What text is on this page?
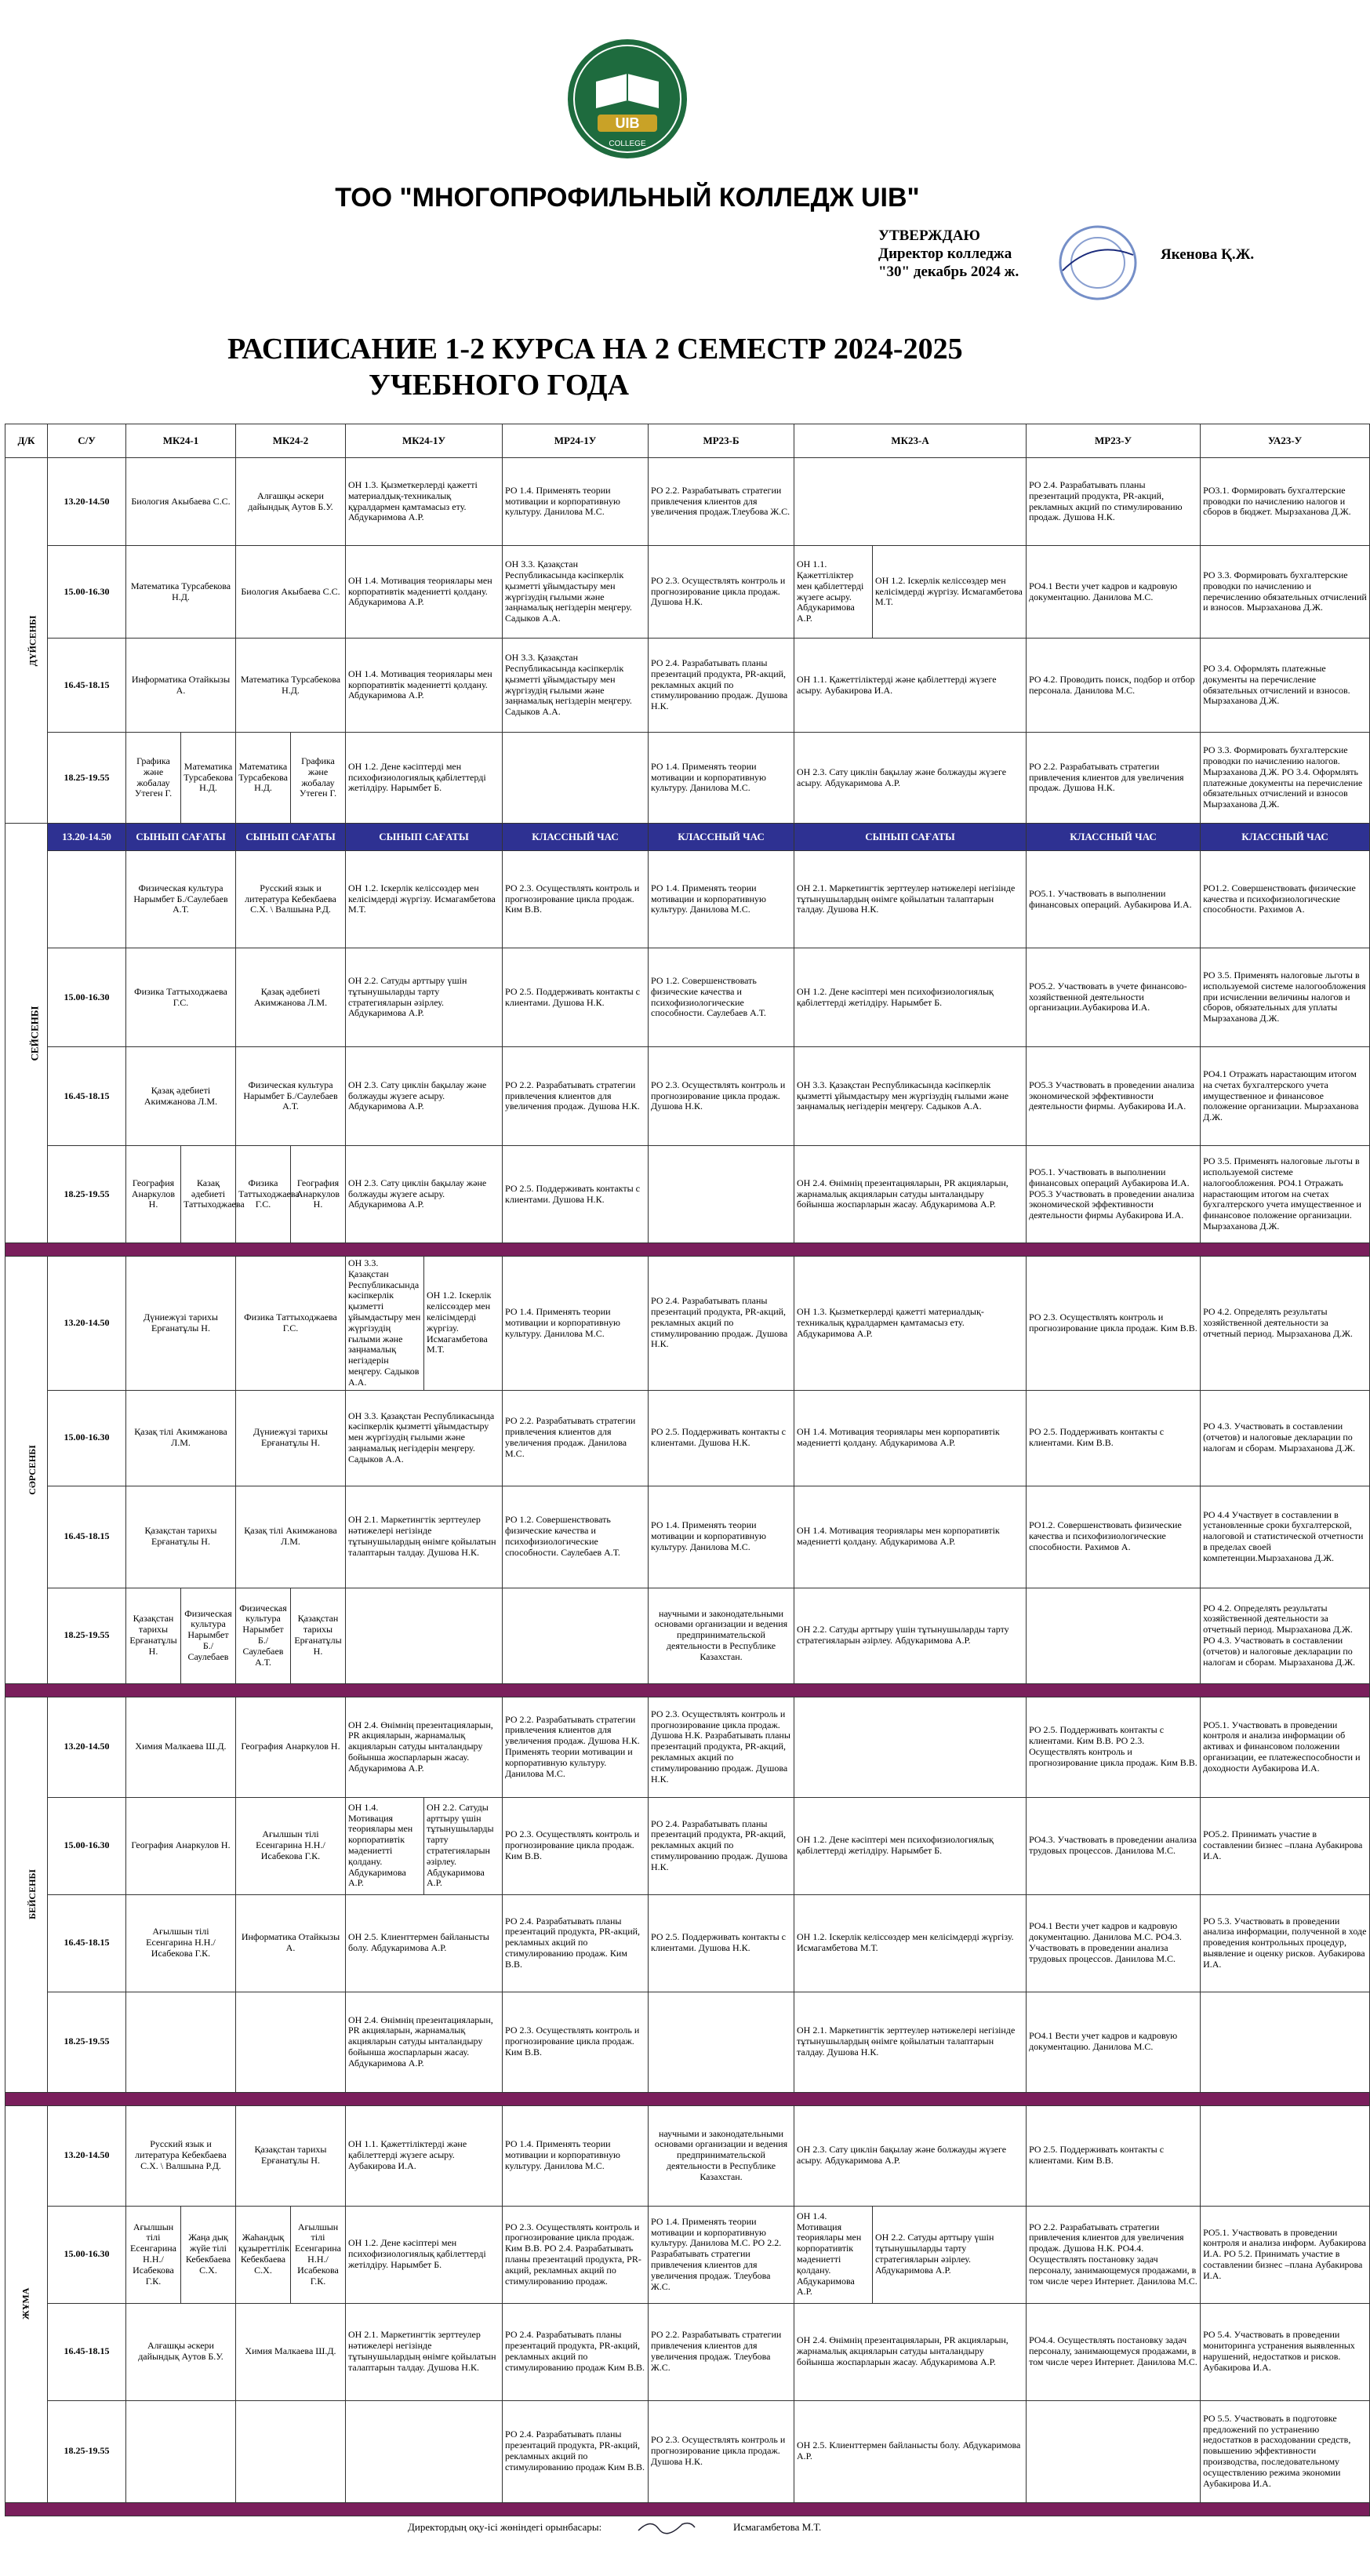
UIB
COLLEGE
ТОО "МНОГОПРОФИЛЬНЫЙ КОЛЛЕДЖ UIB"
УТВЕРЖДАЮ
Директор колледжа
"30" декабрь 2024 ж.
Якенова Қ.Ж.
РАСПИСАНИЕ 1-2 КУРСА НА 2 СЕМЕСТР 2024-2025
УЧЕБНОГО ГОДА
Д/К	С/У	МК24-1		МК24-2		МК24-1У		МР24-1У	МР23-Б	МК23-А		МР23-У	УА23-У
ДҮЙСЕНБІ	13.20-14.50	Биология Акыбаева С.С.		Алғашқы әскери дайындық Аутов Б.У.		ОН 1.3. Қызметкерлерді қажетті материалдық-техникалық құралдармен қамтамасыз ету. Абдукаримова А.Р.		РО 1.4. Применять теории мотивации и корпоративную культуру. Данилова М.С.	РО 2.2. Разрабатывать стратегии привлечения клиентов для увеличения продаж.Тлеубова Ж.С.			РО 2.4. Разрабатывать планы презентаций продукта, PR-акций, рекламных акций по стимулированию продаж. Душова Н.К.	РО3.1. Формировать бухгалтерские проводки по начислению налогов и сборов в бюджет. Мырзаханова Д.Ж.
	15.00-16.30	Математика Турсабекова Н.Д.		Биология Акыбаева С.С.		ОН 1.4. Мотивация теориялары мен корпоративтік мәдениетті қолдану. Абдукаримова А.Р.		ОН 3.3. Қазақстан Республикасында кәсіпкерлік қызметті ұйымдастыру мен жүргізудің ғылыми және заңнамалық негіздерін меңгеру. Садыков А.А.	РО 2.3. Осуществлять контроль и прогнозирование цикла продаж. Душова Н.К.	ОН 1.1. Қажеттіліктер мен қабілеттерді жүзеге асыру. Абдукаримова А.Р.	ОН 1.2. Іскерлік келіссөздер мен келісімдерді жүргізу. Исмагамбетова М.Т.	РО4.1 Вести учет кадров и кадровую документацию. Данилова М.С.	РО 3.3. Формировать бухгалтерские проводки по начислению и перечислению обязательных отчислений и взносов. Мырзаханова Д.Ж.
	16.45-18.15	Информатика Отайкызы А.		Математика Турсабекова Н.Д.		ОН 1.4. Мотивация теориялары мен корпоративтік мәдениетті қолдану. Абдукаримова А.Р.		ОН 3.3. Қазақстан Республикасында кәсіпкерлік қызметті ұйымдастыру мен жүргізудің ғылыми және заңнамалық негіздерін меңгеру. Садыков А.А.	РО 2.4. Разрабатывать планы презентаций продукта, PR-акций, рекламных акций по стимулированию продаж. Душова Н.К.	ОН 1.1. Қажеттіліктерді және қабілеттерді жүзеге асыру. Аубакирова И.А.		РО 4.2. Проводить поиск, подбор и отбор персонала. Данилова М.С.	РО 3.4. Оформлять платежные документы на перечисление обязательных отчислений и взносов. Мырзаханова Д.Ж.
	18.25-19.55	Графика және жобалау Утеген Г.	Математика Турсабекова Н.Д.	Математика Турсабекова Н.Д.	Графика және жобалау Утеген Г.	ОН 1.2. Дене кәсіптерді мен психофизиологиялық қабілеттерді жетілдіру. Нарымбет Б.			РО 1.4. Применять теории мотивации и корпоративную культуру. Данилова М.С.	ОН 2.3. Сату циклін бақылау және болжауды жүзеге асыру. Абдукаримова А.Р.		РО 2.2. Разрабатывать стратегии привлечения клиентов для увеличения продаж. Душова Н.К.	РО 3.3. Формировать бухгалтерские проводки по начислению налогов. Мырзаханова Д.Ж. РО 3.4. Оформлять платежные документы на перечисление обязательных отчислений и взносов Мырзаханова Д.Ж.
СЕЙСЕНБІ	13.20-14.50	СЫНЫП САҒАТЫ		СЫНЫП САҒАТЫ		СЫНЫП САҒАТЫ		КЛАССНЫЙ ЧАС	КЛАССНЫЙ ЧАС	СЫНЫП САҒАТЫ		КЛАССНЫЙ ЧАС	КЛАССНЫЙ ЧАС
		Физическая культура Нарымбет Б./Саулебаев А.Т.		Русский язык и литература Кебекбаева С.Х. \ Валшына Р.Д.		ОН 1.2. Іскерлік келіссөздер мен келісімдерді жүргізу. Исмагамбетова М.Т.		РО 2.3. Осуществлять контроль и прогнозирование цикла продаж. Ким В.В.	РО 1.4. Применять теории мотивации и корпоративную культуру. Данилова М.С.	ОН 2.1. Маркетингтік зерттеулер нәтижелері негізінде тұтынушылардың өнімге қойылатын талаптарын талдау. Душова Н.К.		РО5.1. Участвовать в выполнении финансовых операций. Аубакирова И.А.	РО1.2. Совершенствовать физические качества и психофизиологические способности. Рахимов А.
	15.00-16.30	Физика Таттыходжаева Г.С.		Қазақ әдебиеті Акимжанова Л.М.		ОН 2.2. Сатуды арттыру үшін тұтынушыларды тарту стратегияларын әзірлеу. Абдукаримова А.Р.		РО 2.5. Поддерживать контакты с клиентами. Душова Н.К.	РО 1.2. Совершенствовать физические качества и психофизиологические способности. Саулебаев А.Т.	ОН 1.2. Дене кәсіптері мен психофизиологиялық қабілеттерді жетілдіру. Нарымбет Б.		РО5.2. Участвовать в учете финансово-хозяйственной деятельности организации.Аубакирова И.А.	РО 3.5. Применять налоговые льготы в используемой системе налогообложения при исчислении величины налогов и сборов, обязательных для уплаты Мырзаханова Д.Ж.
	16.45-18.15	Қазақ әдебиеті Акимжанова Л.М.		Физическая культура Нарымбет Б./Саулебаев А.Т.		ОН 2.3. Сату циклін бақылау және болжауды жүзеге асыру. Абдукаримова А.Р.		РО 2.2. Разрабатывать стратегии привлечения клиентов для увеличения продаж. Душова Н.К.	РО 2.3. Осуществлять контроль и прогнозирование цикла продаж. Душова Н.К.	ОН 3.3. Қазақстан Республикасында кәсіпкерлік қызметті ұйымдастыру мен жүргізудің ғылыми және заңнамалық негіздерін меңгеру. Садыков А.А.		РО5.3 Участвовать в проведении анализа экономической эффективности деятельности фирмы. Аубакирова И.А.	РО4.1 Отражать нарастающим итогом на счетах бухгалтерского учета имущественное и финансовое положение организации. Мырзаханова Д.Ж.
	18.25-19.55	География Анаркулов Н.	Казақ әдебиеті Таттыходжаева	Физика Таттыходжаева Г.С.	География Анаркулов Н.	ОН 2.3. Сату циклін бақылау және болжауды жүзеге асыру. Абдукаримова А.Р.		РО 2.5. Поддерживать контакты с клиентами. Душова Н.К.		ОН 2.4. Өнімнің презентацияларын, PR акцияларын, жарнамалық акцияларын сатуды ынталандыру бойынша жоспарларын жасау. Абдукаримова А.Р.		РО5.1. Участвовать в выполнении финансовых операций Аубакирова И.А. РО5.3 Участвовать в проведении анализа экономической эффективности деятельности фирмы Аубакирова И.А.	РО 3.5. Применять налоговые льготы в используемой системе налогообложения. РО4.1 Отражать нарастающим итогом на счетах бухгалтерского учета имущественное и финансовое положение организации. Мырзаханова Д.Ж.

СӘРСЕНБІ	13.20-14.50	Дүниежүзі тарихы Ерғанатұлы Н.		Физика Таттыходжаева Г.С.		ОН 3.3. Қазақстан Республикасында кәсіпкерлік қызметті ұйымдастыру мен жүргізудің ғылыми және заңнамалық негіздерін меңгеру. Садыков А.А.	ОН 1.2. Іскерлік келіссөздер мен келісімдерді жүргізу. Исмагамбетова М.Т.	РО 1.4. Применять теории мотивации и корпоративную культуру. Данилова М.С.	РО 2.4. Разрабатывать планы презентаций продукта, PR-акций, рекламных акций по стимулированию продаж. Душова Н.К.	ОН 1.3. Қызметкерлерді қажетті материалдық-техникалық құралдармен қамтамасыз ету. Абдукаримова А.Р.		РО 2.3. Осуществлять контроль и прогнозирование цикла продаж. Ким В.В.	РО 4.2. Определять результаты хозяйственной деятельности за отчетный период. Мырзаханова Д.Ж.
	15.00-16.30	Қазақ тілі Акимжанова Л.М.		Дүниежүзі тарихы Ерғанатұлы Н.		ОН 3.3. Қазақстан Республикасында кәсіпкерлік қызметті ұйымдастыру мен жүргізудің ғылыми және заңнамалық негіздерін меңгеру. Садыков А.А.		РО 2.2. Разрабатывать стратегии привлечения клиентов для увеличения продаж. Данилова М.С.	РО 2.5. Поддерживать контакты с клиентами. Душова Н.К.	ОН 1.4. Мотивация теориялары мен корпоративтік мәдениетті қолдану. Абдукаримова А.Р.		РО 2.5. Поддерживать контакты с клиентами. Ким В.В.	РО 4.3. Участвовать в составлении (отчетов) и налоговые декларации по налогам и сборам. Мырзаханова Д.Ж.
	16.45-18.15	Қазақстан тарихы Ерғанатұлы Н.		Қазақ тілі Акимжанова Л.М.		ОН 2.1. Маркетингтік зерттеулер нәтижелері негізінде тұтынушылардың өнімге қойылатын талаптарын талдау. Душова Н.К.		РО 1.2. Совершенствовать физические качества и психофизиологические способности. Саулебаев А.Т.	РО 1.4. Применять теории мотивации и корпоративную культуру. Данилова М.С.	ОН 1.4. Мотивация теориялары мен корпоративтік мәдениетті қолдану. Абдукаримова А.Р.		РО1.2. Совершенствовать физические качества и психофизиологические способности. Рахимов А.	РО 4.4 Участвует в составлении в установленные сроки бухгалтерской, налоговой и статистической отчетности в пределах своей компетенции.Мырзаханова Д.Ж.
	18.25-19.55	Қазақстан тарихы Ерғанатұлы Н.	Физическая культура Нарымбет Б./Саулебаев	Физическая культура Нарымбет Б./Саулебаев А.Т.	Қазақстан тарихы Ерғанатұлы Н.				научными и законодательными основами организации и ведения предпринимательской деятельности в Республике Казахстан.	ОН 2.2. Сатуды арттыру үшін тұтынушыларды тарту стратегияларын әзірлеу. Абдукаримова А.Р.			РО 4.2. Определять результаты хозяйственной деятельности за отчетный период. Мырзаханова Д.Ж. РО 4.3. Участвовать в составлении (отчетов) и налоговые декларации по налогам и сборам. Мырзаханова Д.Ж.

БЕЙСЕНБІ	13.20-14.50	Химия Малкаева Ш.Д.		География Анаркулов Н.		ОН 2.4. Өнімнің презентацияларын, PR акцияларын, жарнамалық акцияларын сатуды ынталандыру бойынша жоспарларын жасау. Абдукаримова А.Р.		РО 2.2. Разрабатывать стратегии привлечения клиентов для увеличения продаж. Душова Н.К. Применять теории мотивации и корпоративную культуру. Данилова М.С.	РО 2.3. Осуществлять контроль и прогнозирование цикла продаж. Душова Н.К. Разрабатывать планы презентаций продукта, PR-акций, рекламных акций по стимулированию продаж. Душова Н.К.			РО 2.5. Поддерживать контакты с клиентами. Ким В.В. РО 2.3. Осуществлять контроль и прогнозирование цикла продаж. Ким В.В.	РО5.1. Участвовать в проведении контроля и анализа информации об активах и финансовом положении организации, ее платежеспособности и доходности Аубакирова И.А.
	15.00-16.30	География Анаркулов Н.		Ағылшын тілі Есенгарина Н.Н./Исабекова Г.К.		ОН 1.4. Мотивация теориялары мен корпоративтік мәдениетті қолдану. Абдукаримова А.Р.	ОН 2.2. Сатуды арттыру үшін тұтынушыларды тарту стратегияларын әзірлеу. Абдукаримова А.Р.	РО 2.3. Осуществлять контроль и прогнозирование цикла продаж. Ким В.В.	РО 2.4. Разрабатывать планы презентаций продукта, PR-акций, рекламных акций по стимулированию продаж. Душова Н.К.	ОН 1.2. Дене кәсіптері мен психофизиологиялық қабілеттерді жетілдіру. Нарымбет Б.		РО4.3. Участвовать в проведении анализа трудовых процессов. Данилова М.С.	РО5.2. Принимать участие в составлении бизнес –плана Аубакирова И.А.
	16.45-18.15	Ағылшын тілі Есенгарина Н.Н./Исабекова Г.К.		Информатика Отайкызы А.		ОН 2.5. Клиенттермен байланысты болу. Абдукаримова А.Р.		РО 2.4. Разрабатывать планы презентаций продукта, PR-акций, рекламных акций по стимулированию продаж. Ким В.В.	РО 2.5. Поддерживать контакты с клиентами. Душова Н.К.	ОН 1.2. Іскерлік келіссөздер мен келісімдерді жүргізу. Исмагамбетова М.Т.		РО4.1 Вести учет кадров и кадровую документацию. Данилова М.С. РО4.3. Участвовать в проведении анализа трудовых процессов. Данилова М.С.	РО 5.3. Участвовать в проведении анализа информации, полученной в ходе проведения контрольных процедур, выявление и оценку рисков. Аубакирова И.А.
	18.25-19.55					ОН 2.4. Өнімнің презентацияларын, PR акцияларын, жарнамалық акцияларын сатуды ынталандыру бойынша жоспарларын жасау. Абдукаримова А.Р.		РО 2.3. Осуществлять контроль и прогнозирование цикла продаж. Ким В.В.		ОН 2.1. Маркетингтік зерттеулер нәтижелері негізінде тұтынушылардың өнімге қойылатын талаптарын талдау. Душова Н.К.		РО4.1 Вести учет кадров и кадровую документацию. Данилова М.С.	

ЖҰМА	13.20-14.50	Русский язык и литература Кебекбаева С.Х. \ Валшына Р.Д.		Қазақстан тарихы Ерғанатұлы Н.		ОН 1.1. Қажеттіліктерді және қабілеттерді жүзеге асыру. Аубакирова И.А.		РО 1.4. Применять теории мотивации и корпоративную культуру. Данилова М.С.	научными и законодательными основами организации и ведения предпринимательской деятельности в Республике Казахстан.	ОН 2.3. Сату циклін бақылау және болжауды жүзеге асыру. Абдукаримова А.Р.		РО 2.5. Поддерживать контакты с клиентами. Ким В.В.	
	15.00-16.30	Ағылшын тілі Есенгарина Н.Н./Исабекова Г.К.	Жаңа дық жүйе тілі Кебекбаева С.Х.	Жаһандық құзыреттілік Кебекбаева С.Х.	Ағылшын тілі Есенгарина Н.Н./Исабекова Г.К.	ОН 1.2. Дене кәсіптері мен психофизиологиялық қабілеттерді жетілдіру. Нарымбет Б.		РО 2.3. Осуществлять контроль и прогнозирование цикла продаж. Ким В.В. РО 2.4. Разрабатывать планы презентаций продукта, PR-акций, рекламных акций по стимулированию продаж.	РО 1.4. Применять теории мотивации и корпоративную культуру. Данилова М.С. РО 2.2. Разрабатывать стратегии привлечения клиентов для увеличения продаж. Тлеубова Ж.С.	ОН 1.4. Мотивация теориялары мен корпоративтік мәдениетті қолдану. Абдукаримова А.Р.	ОН 2.2. Сатуды арттыру үшін тұтынушыларды тарту стратегияларын әзірлеу. Абдукаримова А.Р.	РО 2.2. Разрабатывать стратегии привлечения клиентов для увеличения продаж. Душова Н.К. РО4.4. Осуществлять постановку задач персоналу, занимающемуся продажами, в том числе через Интернет. Данилова М.С.	РО5.1. Участвовать в проведении контроля и анализа информ. Аубакирова И.А. РО 5.2. Принимать участие в составлении бизнес –плана Аубакирова И.А.
	16.45-18.15	Алғашқы әскери дайындық Аутов Б.У.		Химия Малкаева Ш.Д.		ОН 2.1. Маркетингтік зерттеулер нәтижелері негізінде тұтынушылардың өнімге қойылатын талаптарын талдау. Душова Н.К.		РО 2.4. Разрабатывать планы презентаций продукта, PR-акций, рекламных акций по стимулированию продаж Ким В.В.	РО 2.2. Разрабатывать стратегии привлечения клиентов для увеличения продаж. Тлеубова Ж.С.	ОН 2.4. Өнімнің презентацияларын, PR акцияларын, жарнамалық акцияларын сатуды ынталандыру бойынша жоспарларын жасау. Абдукаримова А.Р.		РО4.4. Осуществлять постановку задач персоналу, занимающемуся продажами, в том числе через Интернет. Данилова М.С.	РО 5.4. Участвовать в проведении мониторинга устранения выявленных нарушений, недостатков и рисков. Аубакирова И.А.
	18.25-19.55							РО 2.4. Разрабатывать планы презентаций продукта, PR-акций, рекламных акций по стимулированию продаж Ким В.В.	РО 2.3. Осуществлять контроль и прогнозирование цикла продаж. Душова Н.К.	ОН 2.5. Клиенттермен байланысты болу. Абдукаримова А.Р.			РО 5.5. Участвовать в подготовке предложений по устранению недостатков в расходовании средств, повышению эффективности производства, последовательному осуществлению режима экономии Аубакирова И.А.

Директордың оқу-ісі жөніндегі орынбасары:	Исмагамбетова М.Т.
